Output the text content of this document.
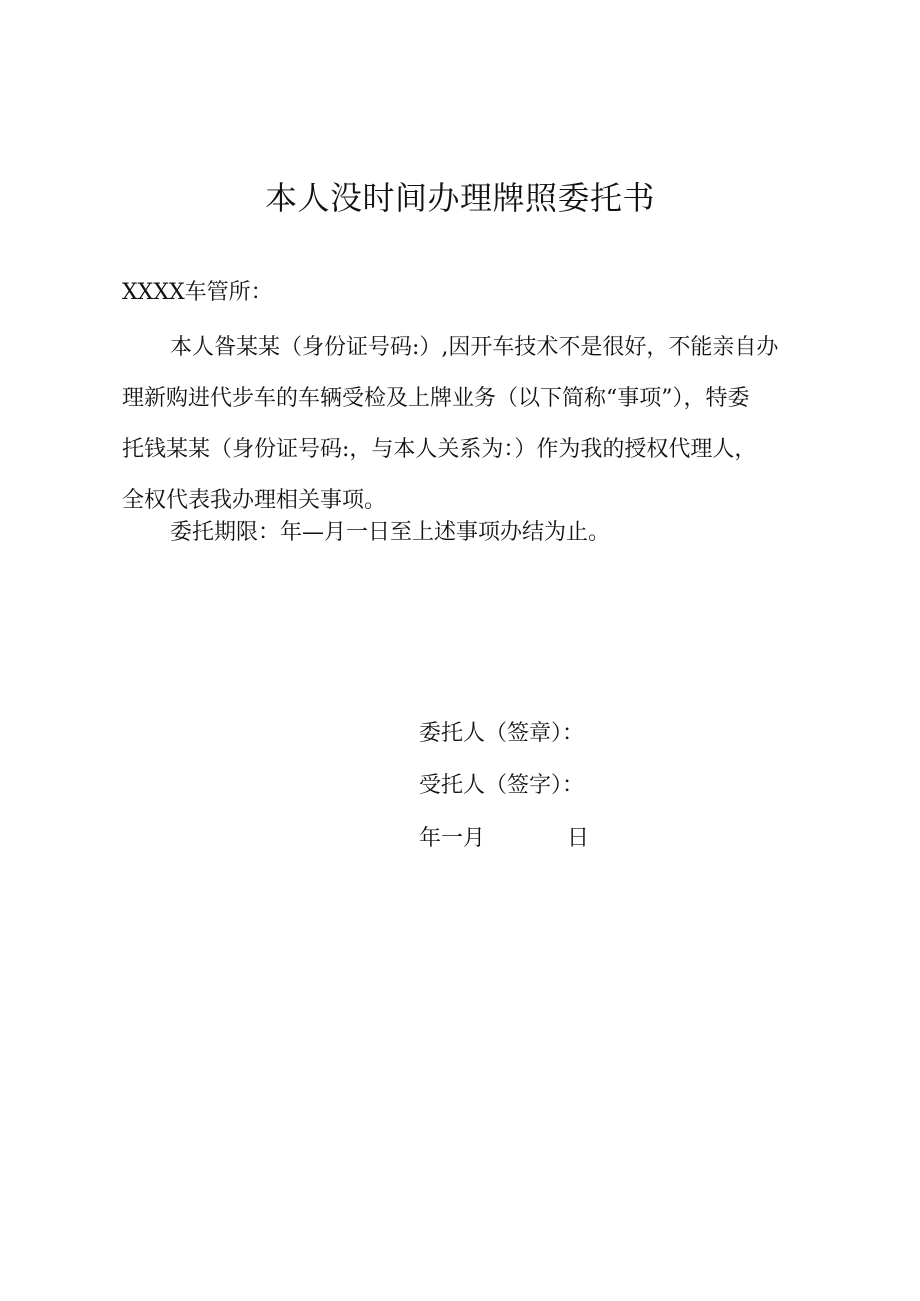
本人没时间办理牌照委托书
XXXX车管所：
本人昝某某（身份证号码:）,因开车技术不是很好，不能亲自办
理新购进代步车的车辆受检及上牌业务（以下简称“事项”），特委
托钱某某（身份证号码:，与本人关系为：）作为我的授权代理人，
全权代表我办理相关事项。
委托期限：年—月一日至上述事项办结为止。
委托人（签章）：
受托人（签字）：
年一月	日
